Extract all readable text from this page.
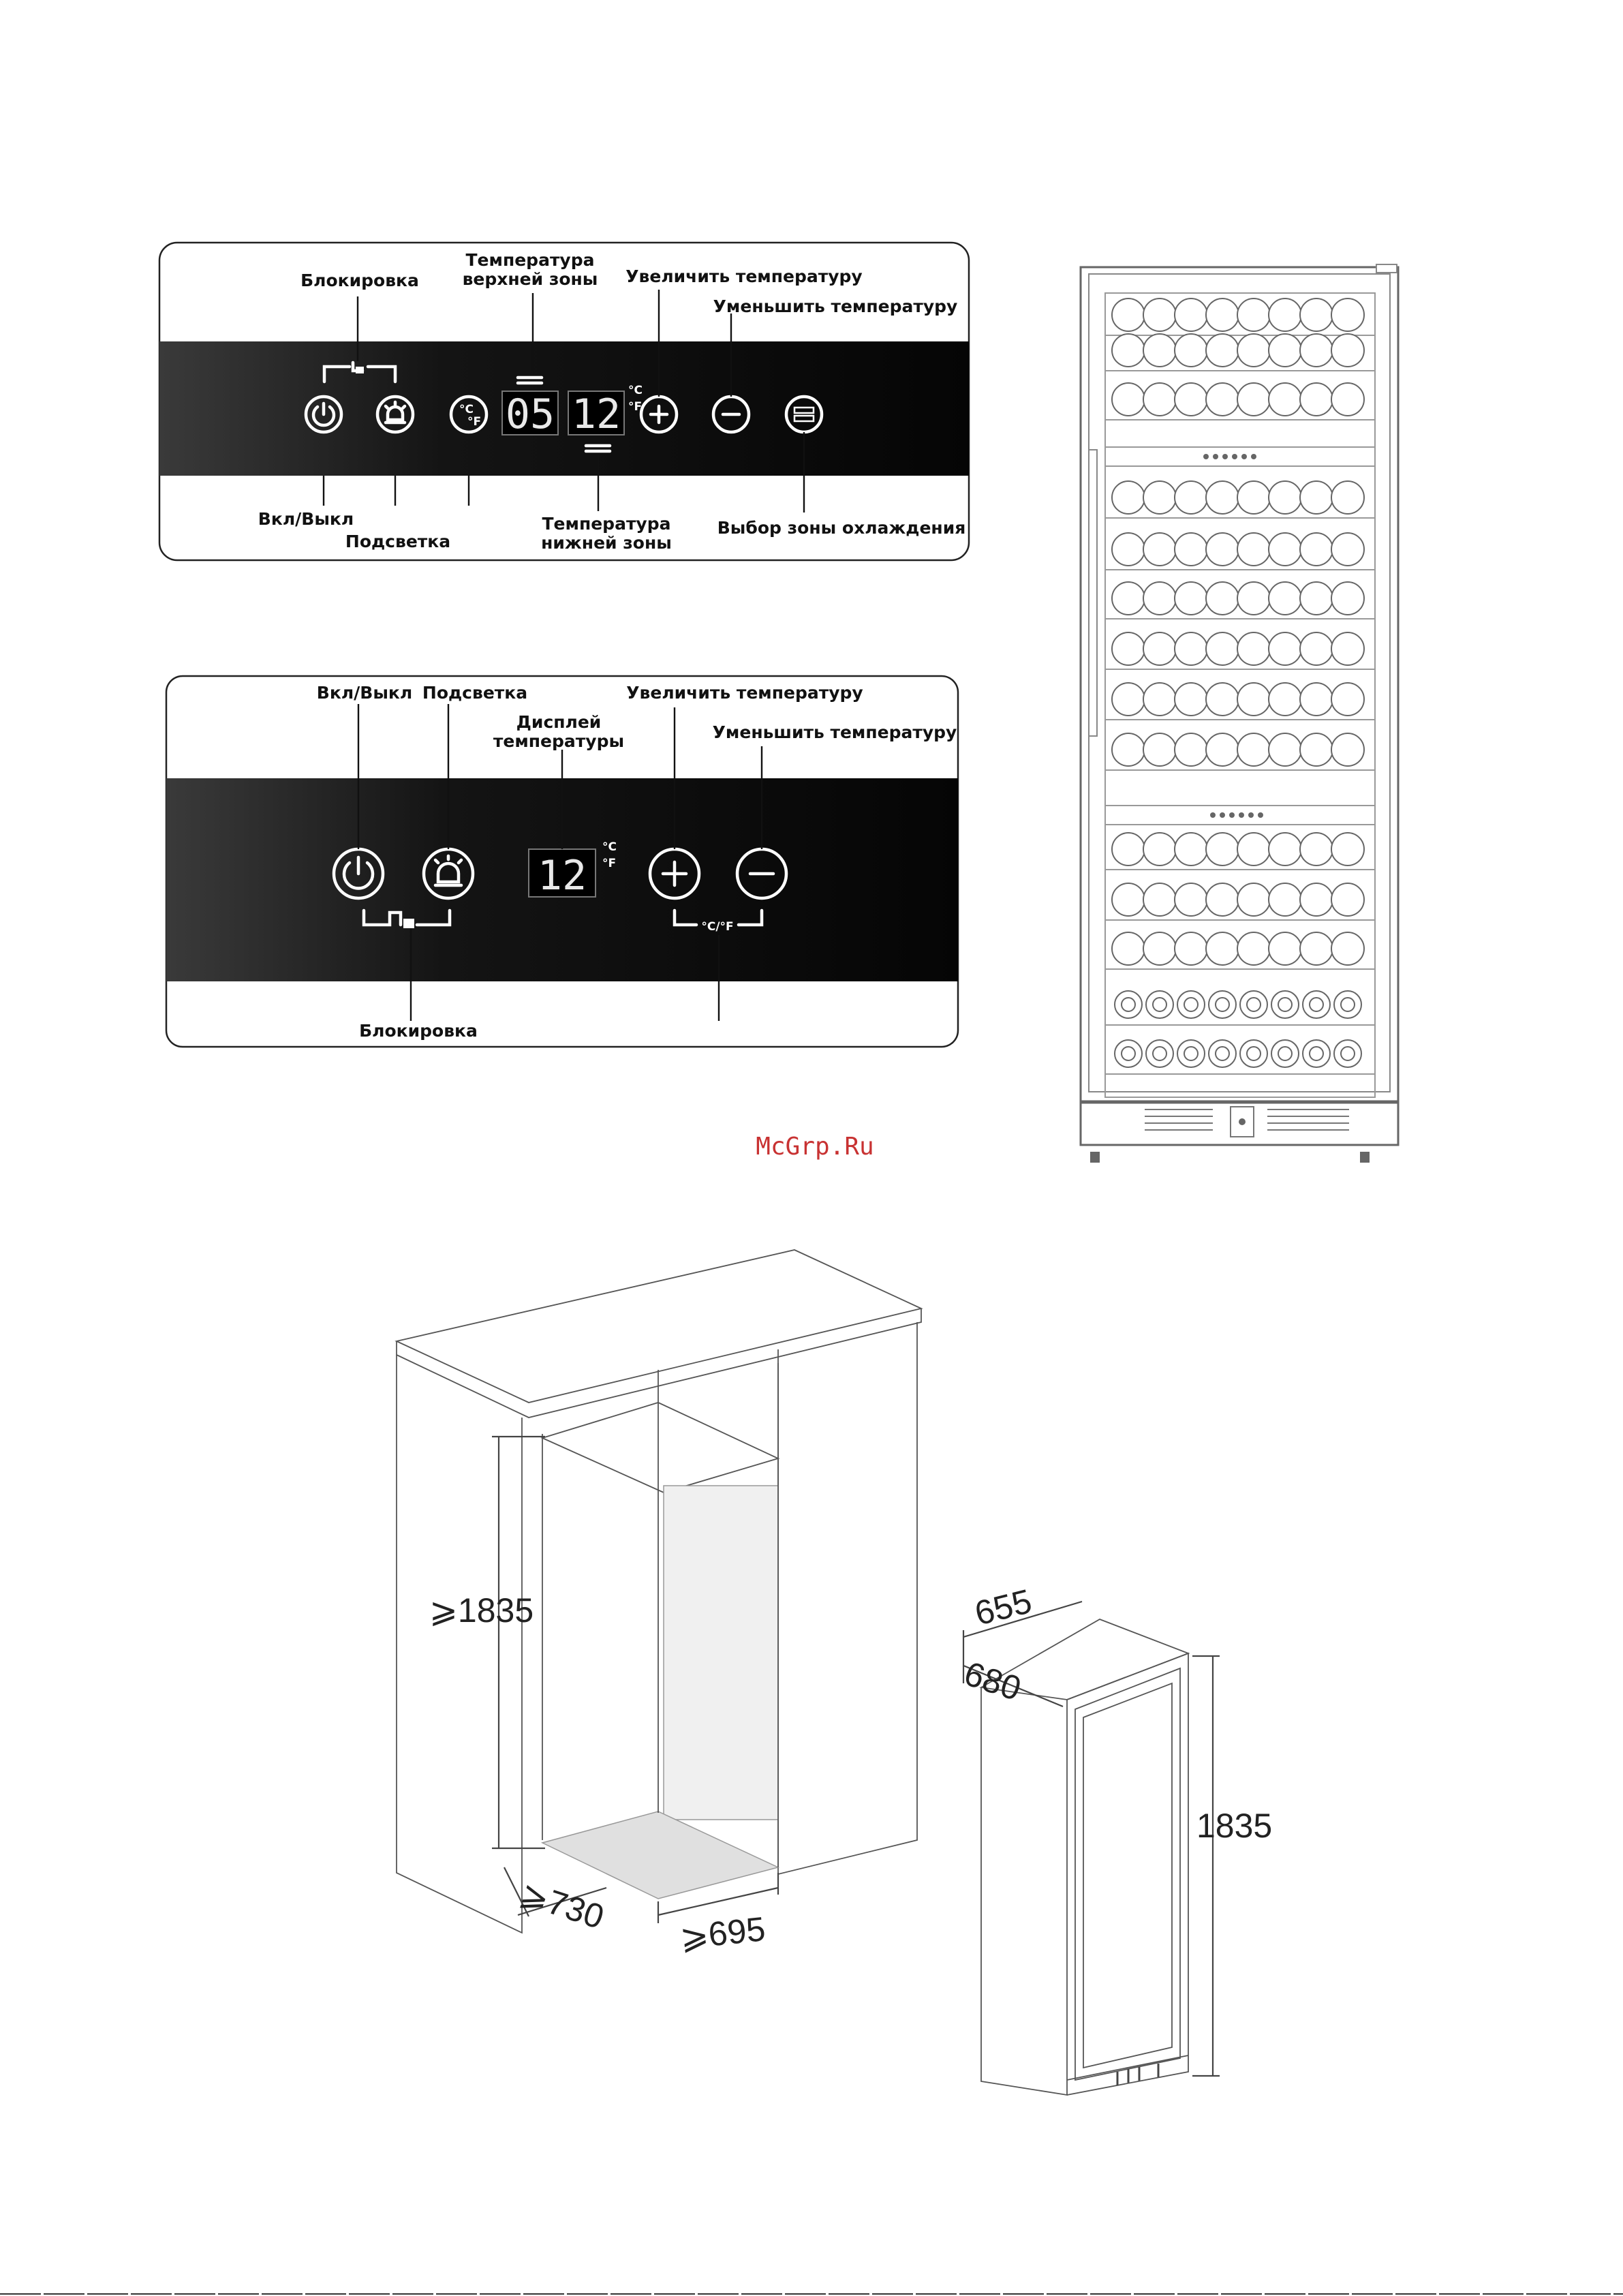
°C
°F 05 12 °C
°F
Блокировка
Температура верхней зоны Увеличить температуру
Уменьшить температуру
Вкл/Выкл
Подсветка
Температура нижней зоны
Выбор зоны охлаждения
12
°C
°F
°C/°F
Вкл/Выкл Подсветка
Дисплей температуры
Увеличить температуру
Уменьшить температуру
Блокировка
McGrp.Ru
⩾1835
⩾730 ⩾695
655
680
1835
